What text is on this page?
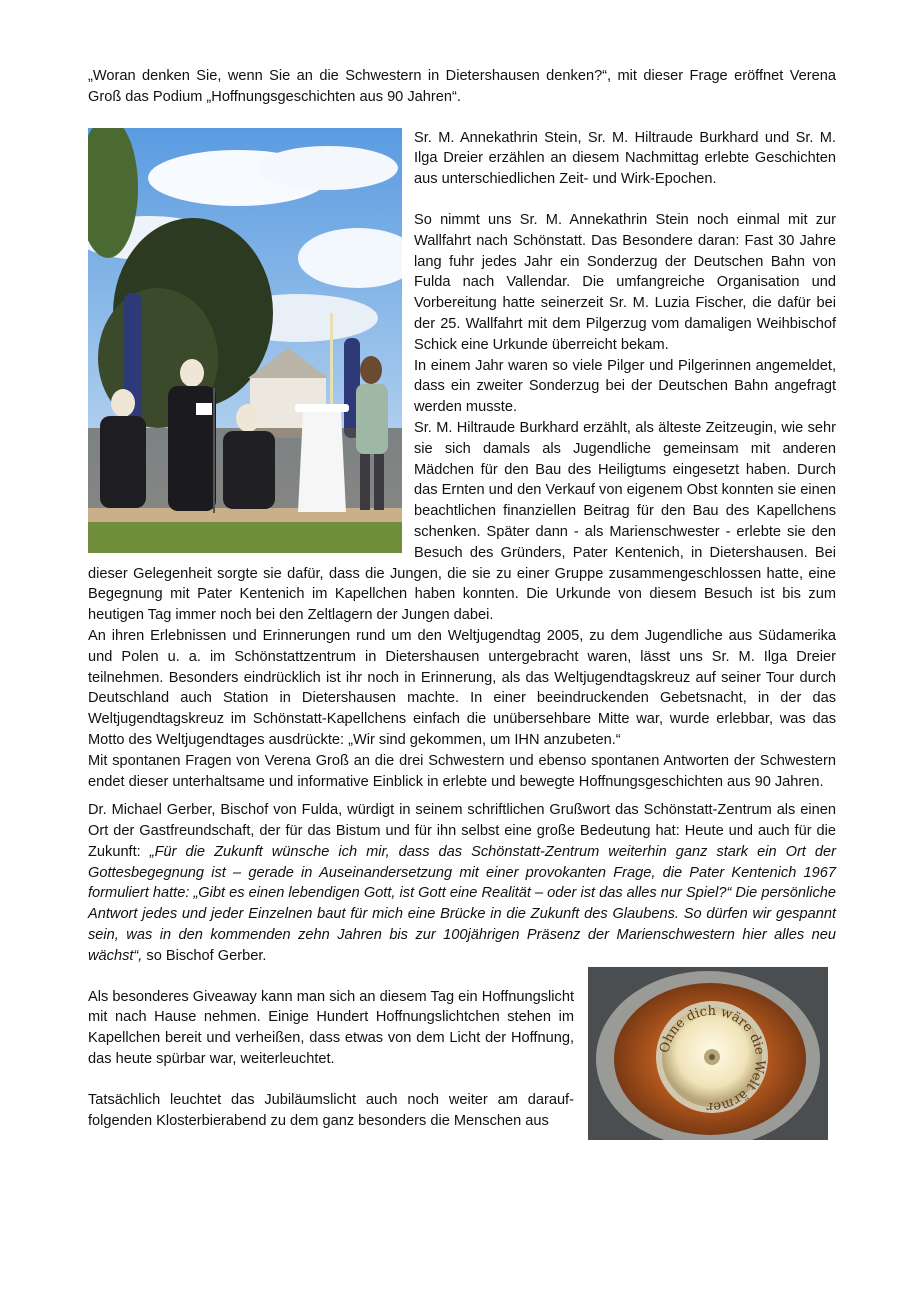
„Woran denken Sie, wenn Sie an die Schwestern in Dietershausen denken?“, mit dieser Frage eröffnet Verena Groß das Podium „Hoffnungsgeschichten aus 90 Jahren“.

Sr. M. Annekathrin Stein, Sr. M. Hiltraude Burkhard und Sr. M. Ilga Dreier erzählen an diesem Nachmittag erlebte Geschichten aus unterschiedlichen Zeit- und Wirk-Epochen.

So nimmt uns Sr. M. Annekathrin Stein noch einmal mit zur Wallfahrt nach Schönstatt. Das Besondere daran: Fast 30 Jahre lang fuhr jedes Jahr ein Sonderzug der Deutschen Bahn von Fulda nach Vallendar. Die umfangreiche Organisation und Vorbereitung hatte seinerzeit Sr. M. Luzia Fischer, die dafür bei der 25. Wallfahrt mit dem Pilgerzug vom damaligen Weihbischof Schick eine Urkunde überreicht bekam.

In einem Jahr waren so viele Pilger und Pilgerinnen angemeldet, dass ein zweiter Sonderzug bei der Deutschen Bahn angefragt werden musste.

Sr. M. Hiltraude Burkhard erzählt, als älteste Zeitzeugin, wie sehr sie sich damals als Jugendliche gemeinsam mit anderen Mädchen für den Bau des Heiligtums eingesetzt haben. Durch das Ernten und den Verkauf von eigenem Obst konnten sie einen beachtlichen finanziellen Beitrag für den Bau des Kapellchens schenken. Später dann - als Marienschwester - erlebte sie den Besuch des Gründers, Pater Kentenich, in Dietershausen. Bei dieser Gelegenheit sorgte sie dafür, dass die Jungen, die sie zu einer Gruppe zusammengeschlossen hatte, eine Begegnung mit Pater Kentenich im Kapellchen haben konnten. Die Urkunde von diesem Besuch ist bis zum heutigen Tag immer noch bei den Zeltlagern der Jungen dabei.

An ihren Erlebnissen und Erinnerungen rund um den Weltjugendtag 2005, zu dem Jugendliche aus Südamerika und Polen u. a. im Schönstattzentrum in Dietershausen untergebracht waren, lässt uns Sr. M. Ilga Dreier teilnehmen. Besonders eindrücklich ist ihr noch in Erinnerung, als das Weltjugendtagskreuz auf seiner Tour durch Deutschland auch Station in Dietershausen machte. In einer beeindruckenden Gebetsnacht, in der das Weltjugendtagskreuz im Schönstatt-Kapellchens einfach die unübersehbare Mitte war, wurde erlebbar, was das Motto des Weltjugendtages ausdrückte: „Wir sind gekommen, um IHN anzubeten.“

Mit spontanen Fragen von Verena Groß an die drei Schwestern und ebenso spontanen Antworten der Schwestern endet dieser unterhaltsame und informative Einblick in erlebte und bewegte Hoffnungsgeschichten aus 90 Jahren.

Dr. Michael Gerber, Bischof von Fulda, würdigt in seinem schriftlichen Grußwort das Schönstatt-Zentrum als einen Ort der Gastfreundschaft, der für das Bistum und für ihn selbst eine große Bedeutung hat: Heute und auch für die Zukunft: „Für die Zukunft wünsche ich mir, dass das Schönstatt-Zentrum weiterhin ganz stark ein Ort der Gottesbegegnung ist – gerade in Auseinandersetzung mit einer provokanten Frage, die Pater Kentenich 1967 formuliert hatte: „Gibt es einen lebendigen Gott, ist Gott eine Realität – oder ist das alles nur Spiel?“ Die persönliche Antwort jedes und jeder Einzelnen baut für mich eine Brücke in die Zukunft des Glaubens. So dürfen wir gespannt sein, was in den kommenden zehn Jahren bis zur 100jährigen Präsenz der Marienschwestern hier alles neu wächst“, so Bischof Gerber.

Ohne dich wäre die Welt ärmer

Als besonderes Giveaway kann man sich an diesem Tag ein Hoffnungslicht mit nach Hause nehmen. Einige Hundert Hoffnungslichtchen stehen im Kapellchen bereit und verheißen, dass etwas von dem Licht der Hoffnung, das heute spürbar war, weiterleuchtet.

Tatsächlich leuchtet das Jubiläumslicht auch noch weiter am darauffolgenden Klosterbierabend zu dem ganz besonders die Menschen aus
